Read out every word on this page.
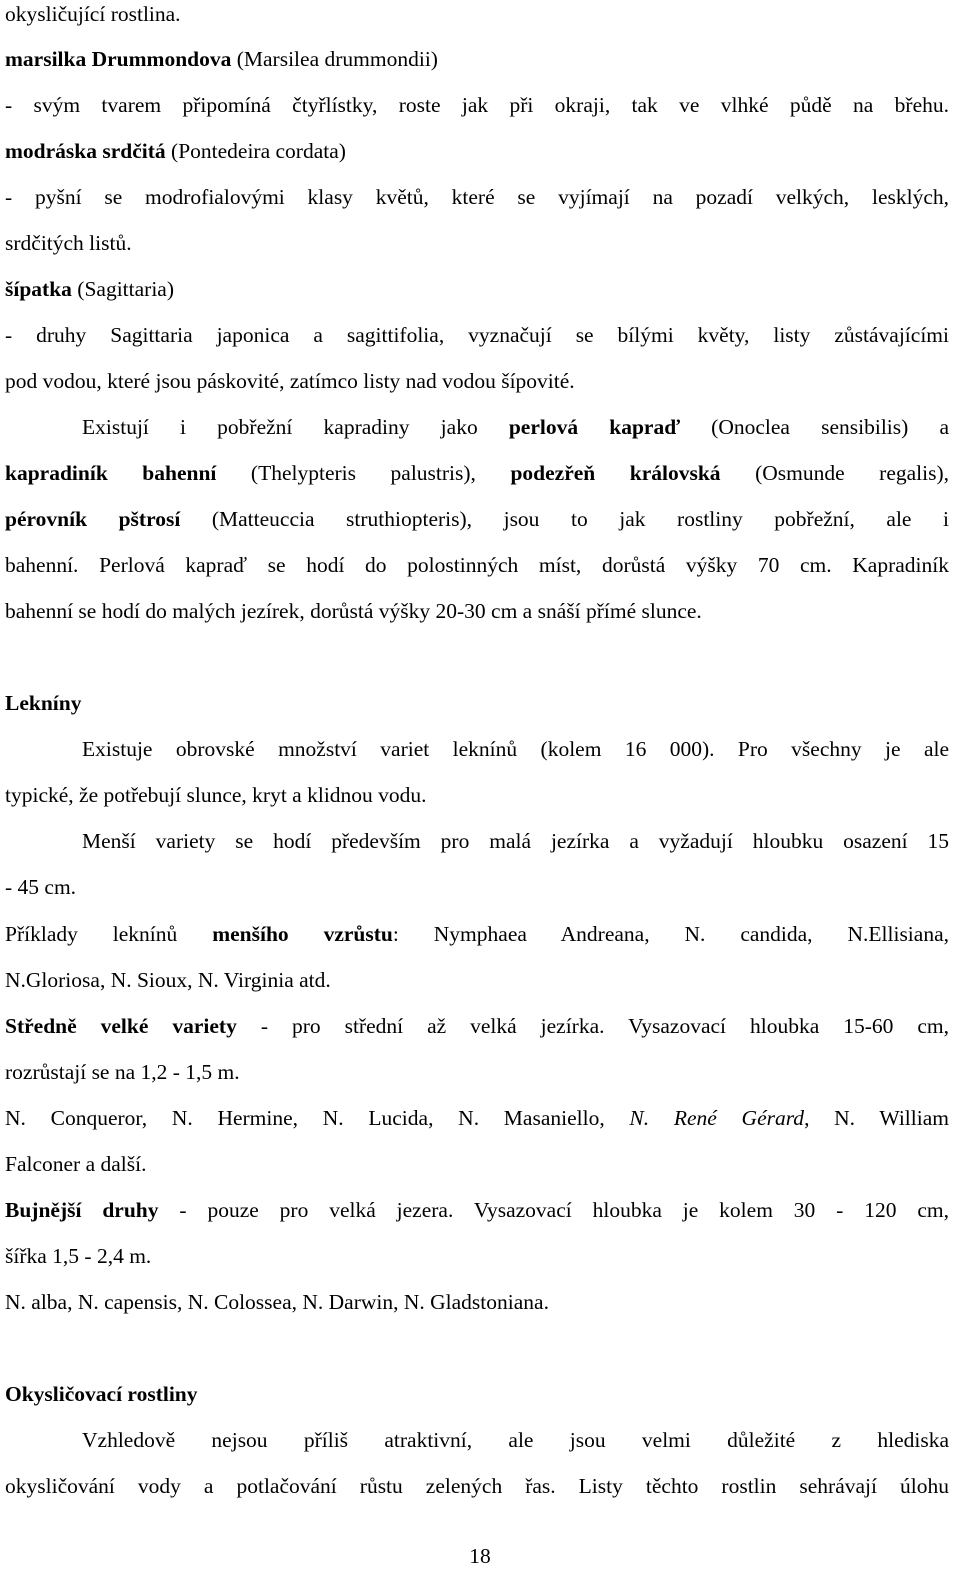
okysličující rostlina.
marsilka Drummondova (Marsilea drummondii)
- svým tvarem připomíná čtyřlístky, roste jak při okraji, tak ve vlhké půdě na břehu.
modráska srdčitá (Pontedeira cordata)
- pyšní se modrofialovými klasy květů, které se vyjímají na pozadí velkých, lesklých,
srdčitých listů.
šípatka (Sagittaria)
- druhy Sagittaria japonica a sagittifolia, vyznačují se bílými květy, listy zůstávajícími
pod vodou, které jsou páskovité, zatímco listy nad vodou šípovité.
Existují i pobřežní kapradiny jako perlová kapraď (Onoclea sensibilis) a
kapradiník bahenní (Thelypteris palustris), podezřeň královská (Osmunde regalis),
pérovník pštrosí (Matteuccia struthiopteris), jsou to jak rostliny pobřežní, ale i
bahenní. Perlová kapraď se hodí do polostinných míst, dorůstá výšky 70 cm. Kapradiník
bahenní se hodí do malých jezírek, dorůstá výšky 20-30 cm a snáší přímé slunce.
Lekníny
Existuje obrovské množství variet leknínů (kolem 16 000). Pro všechny je ale
typické, že potřebují slunce, kryt a klidnou vodu.
Menší variety se hodí především pro malá jezírka a vyžadují hloubku osazení 15
- 45 cm.
Příklady leknínů menšího vzrůstu: Nymphaea Andreana, N. candida, N.Ellisiana,
N.Gloriosa, N. Sioux, N. Virginia atd.
Středně velké variety - pro střední až velká jezírka. Vysazovací hloubka 15-60 cm,
rozrůstají se na 1,2 - 1,5 m.
N. Conqueror, N. Hermine, N. Lucida, N. Masaniello, N. René Gérard, N. William
Falconer a další.
Bujnější druhy - pouze pro velká jezera. Vysazovací hloubka je kolem 30 - 120 cm,
šířka 1,5 - 2,4 m.
N. alba, N. capensis, N. Colossea, N. Darwin, N. Gladstoniana.
Okysličovací rostliny
Vzhledově nejsou příliš atraktivní, ale jsou velmi důležité z hlediska
okysličování vody a potlačování růstu zelených řas. Listy těchto rostlin sehrávají úlohu
18
